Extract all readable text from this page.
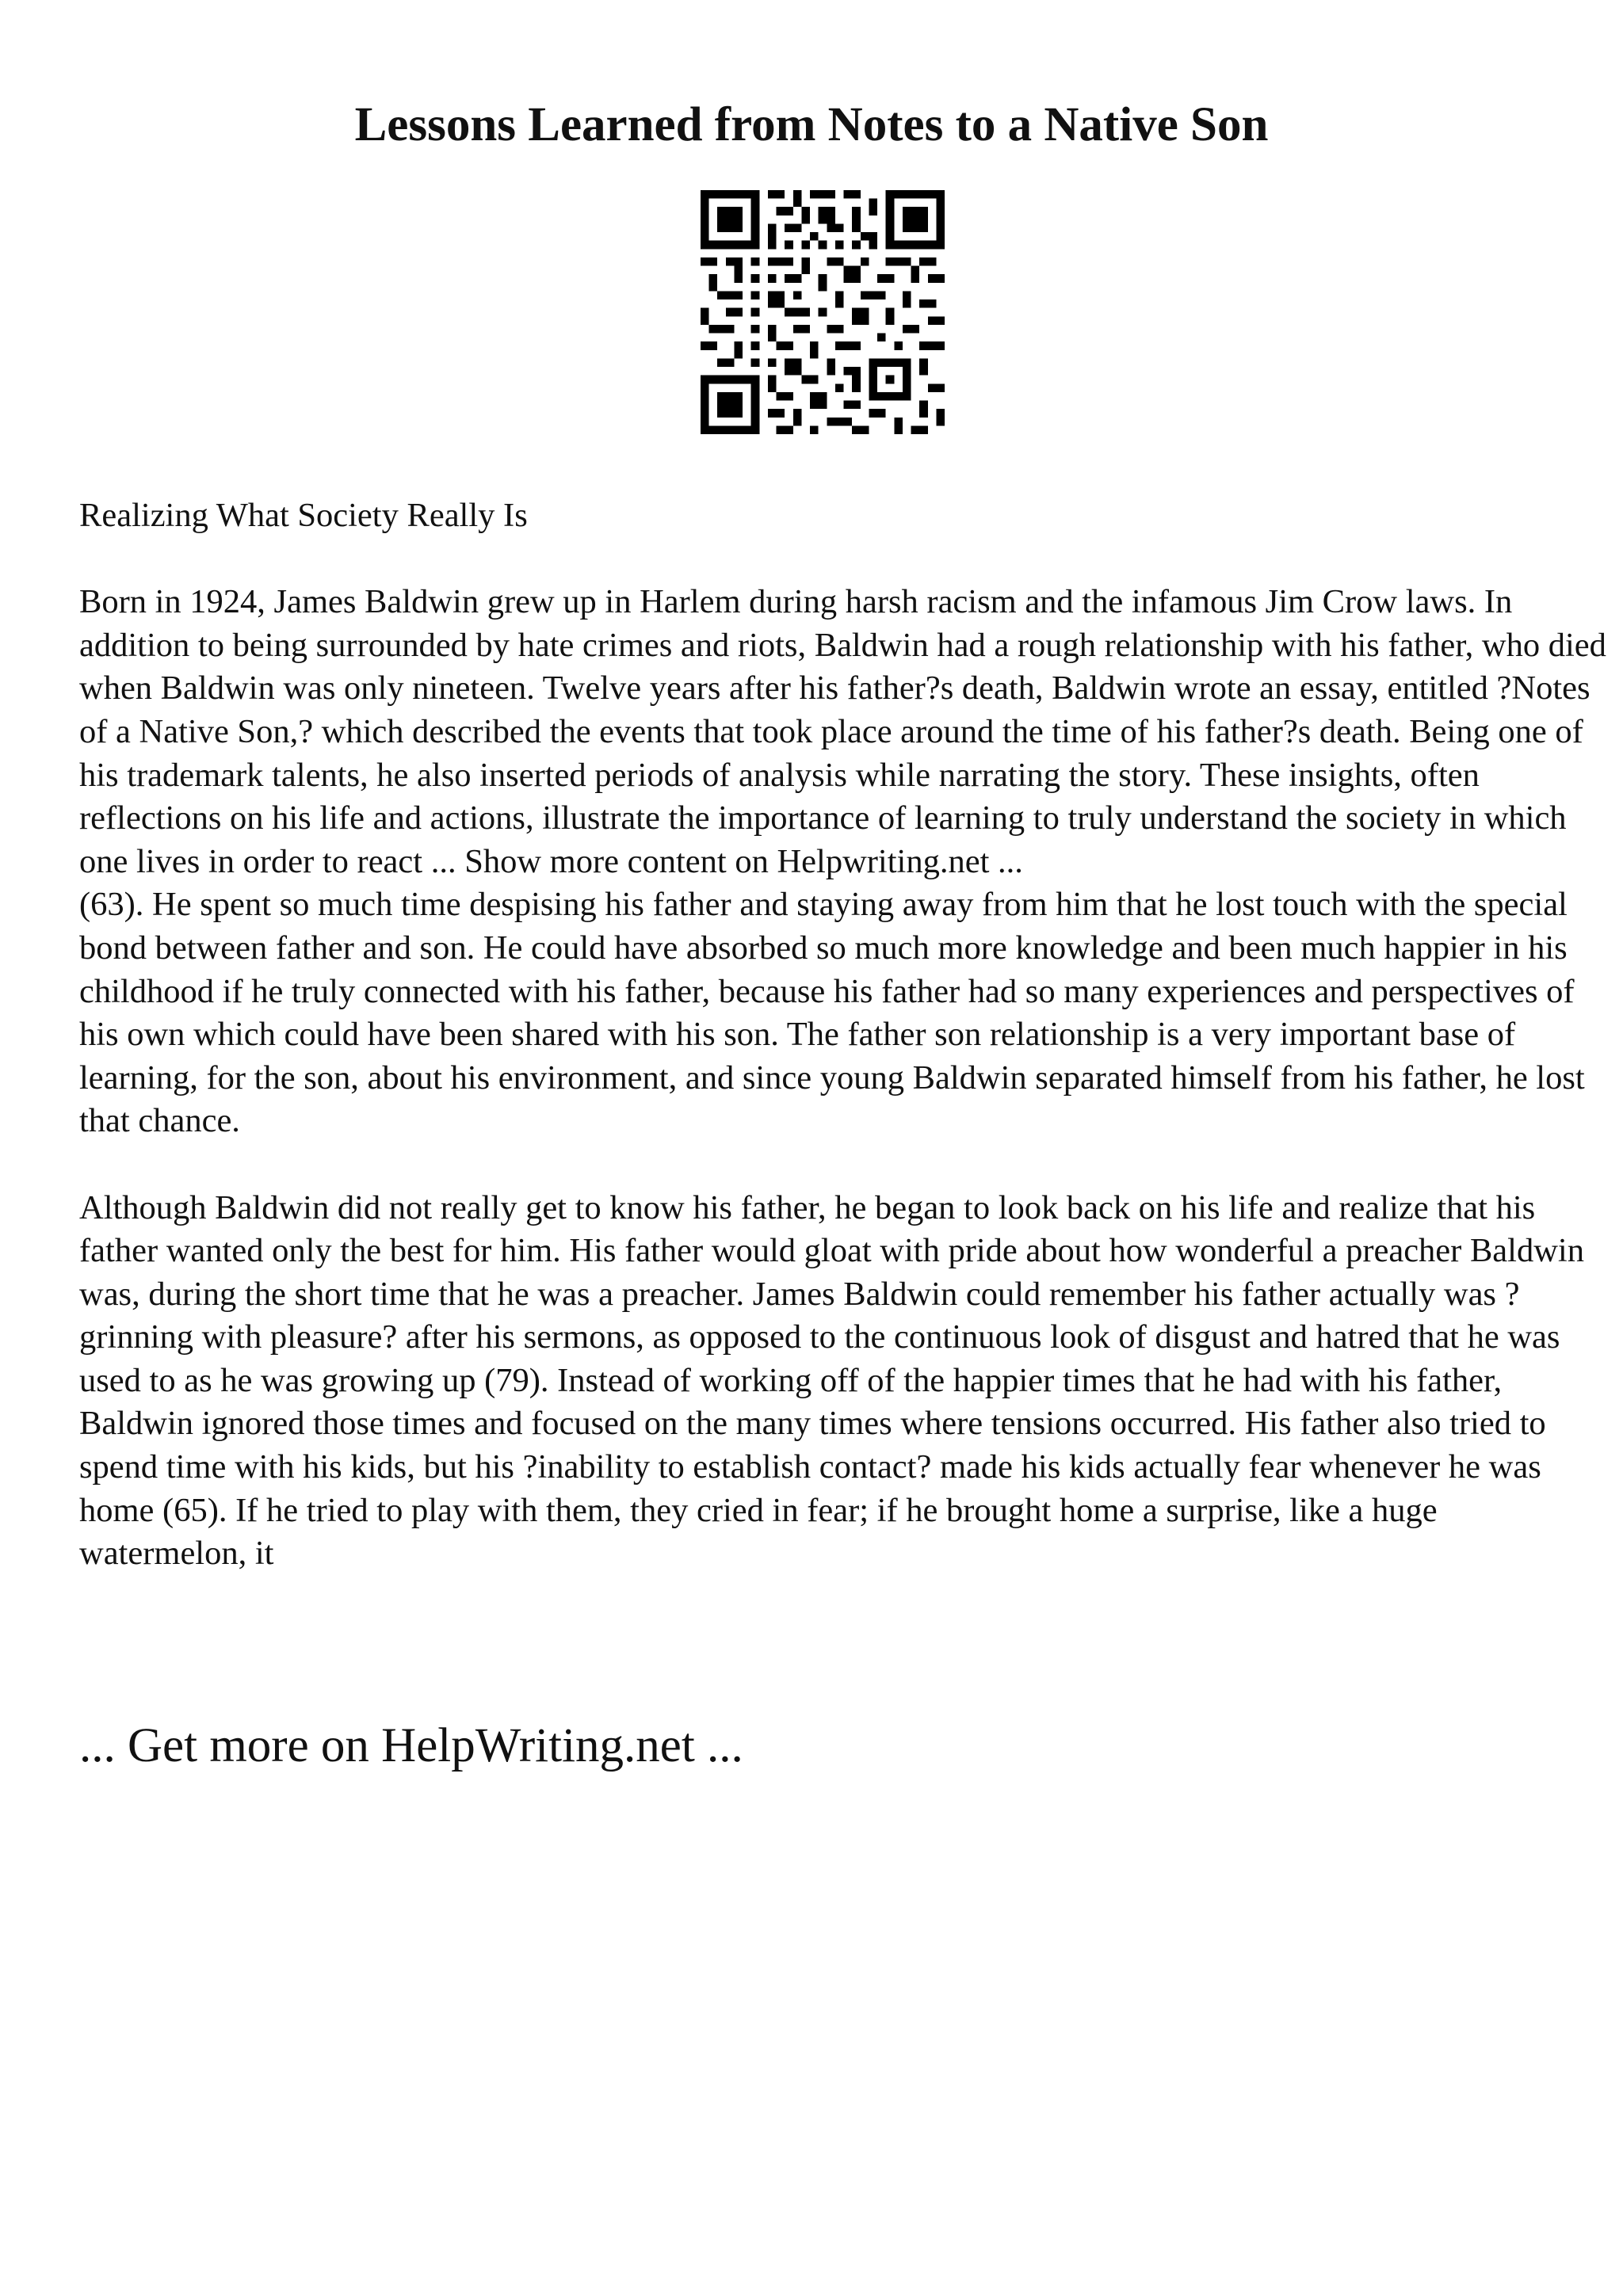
Lessons Learned from Notes to a Native Son

Realizing What Society Really Is

Born in 1924, James Baldwin grew up in Harlem during harsh racism and the infamous Jim Crow laws. In addition to being surrounded by hate crimes and riots, Baldwin had a rough relationship with his father, who died when Baldwin was only nineteen. Twelve years after his father?s death, Baldwin wrote an essay, entitled ?Notes of a Native Son,? which described the events that took place around the time of his father?s death. Being one of his trademark talents, he also inserted periods of analysis while narrating the story. These insights, often reflections on his life and actions, illustrate the importance of learning to truly understand the society in which one lives in order to react ... Show more content on Helpwriting.net ...

(63). He spent so much time despising his father and staying away from him that he lost touch with the special bond between father and son. He could have absorbed so much more knowledge and been much happier in his childhood if he truly connected with his father, because his father had so many experiences and perspectives of his own which could have been shared with his son. The father son relationship is a very important base of learning, for the son, about his environment, and since young Baldwin separated himself from his father, he lost that chance.

Although Baldwin did not really get to know his father, he began to look back on his life and realize that his father wanted only the best for him. His father would gloat with pride about how wonderful a preacher Baldwin was, during the short time that he was a preacher. James Baldwin could remember his father actually was ?grinning with pleasure? after his sermons, as opposed to the continuous look of disgust and hatred that he was used to as he was growing up (79). Instead of working off of the happier times that he had with his father, Baldwin ignored those times and focused on the many times where tensions occurred. His father also tried to spend time with his kids, but his ?inability to establish contact? made his kids actually fear whenever he was home (65). If he tried to play with them, they cried in fear; if he brought home a surprise, like a huge watermelon, it

... Get more on HelpWriting.net ...
